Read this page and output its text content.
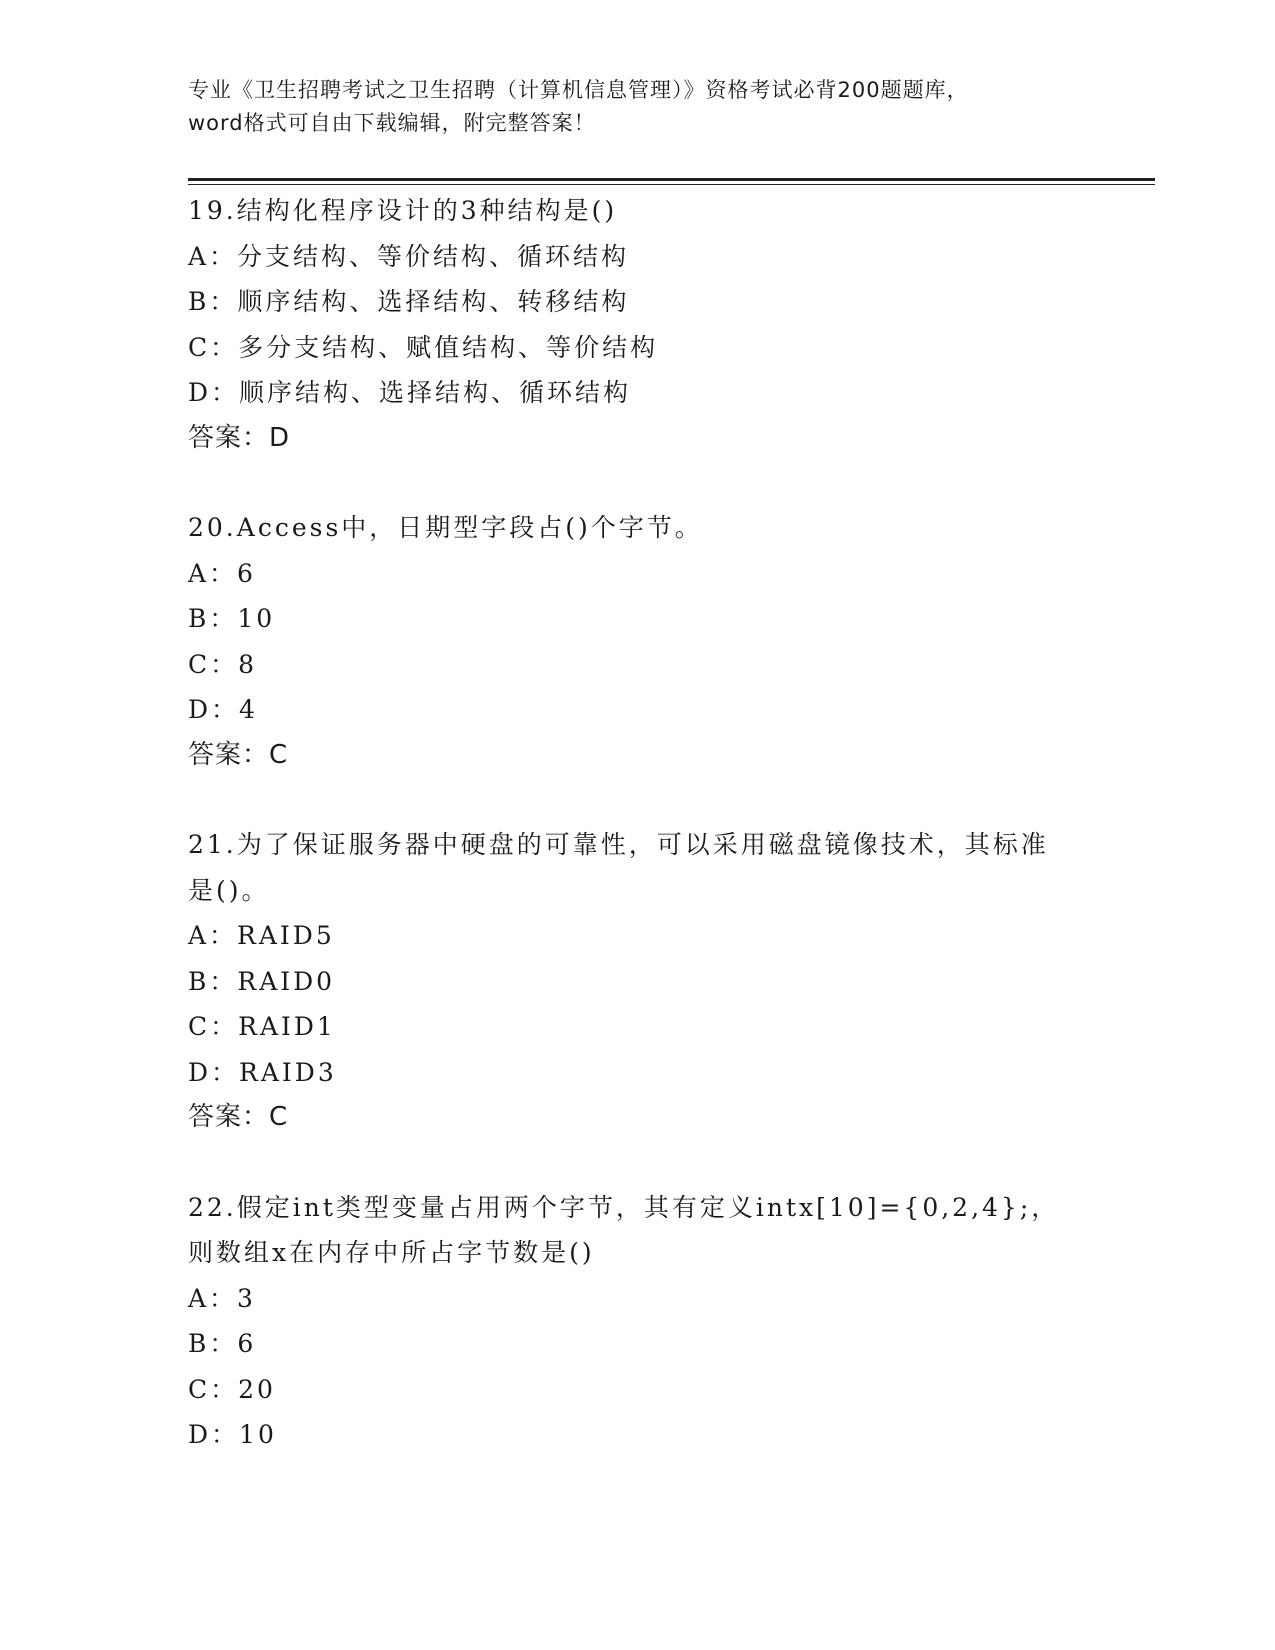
专业《卫生招聘考试之卫生招聘（计算机信息管理）》资格考试必背200题题库，
word格式可自由下载编辑，附完整答案！
19.结构化程序设计的3种结构是()
A：分支结构、等价结构、循环结构
B：顺序结构、选择结构、转移结构
C：多分支结构、赋值结构、等价结构
D：顺序结构、选择结构、循环结构
答案：D
20.Access中，日期型字段占()个字节。
A：6
B：10
C：8
D：4
答案：C
21.为了保证服务器中硬盘的可靠性，可以采用磁盘镜像技术，其标准
是()。
A：RAID5
B：RAID0
C：RAID1
D：RAID3
答案：C
22.假定int类型变量占用两个字节，其有定义intx[10]={0,2,4};，
则数组x在内存中所占字节数是()
A：3
B：6
C：20
D：10
